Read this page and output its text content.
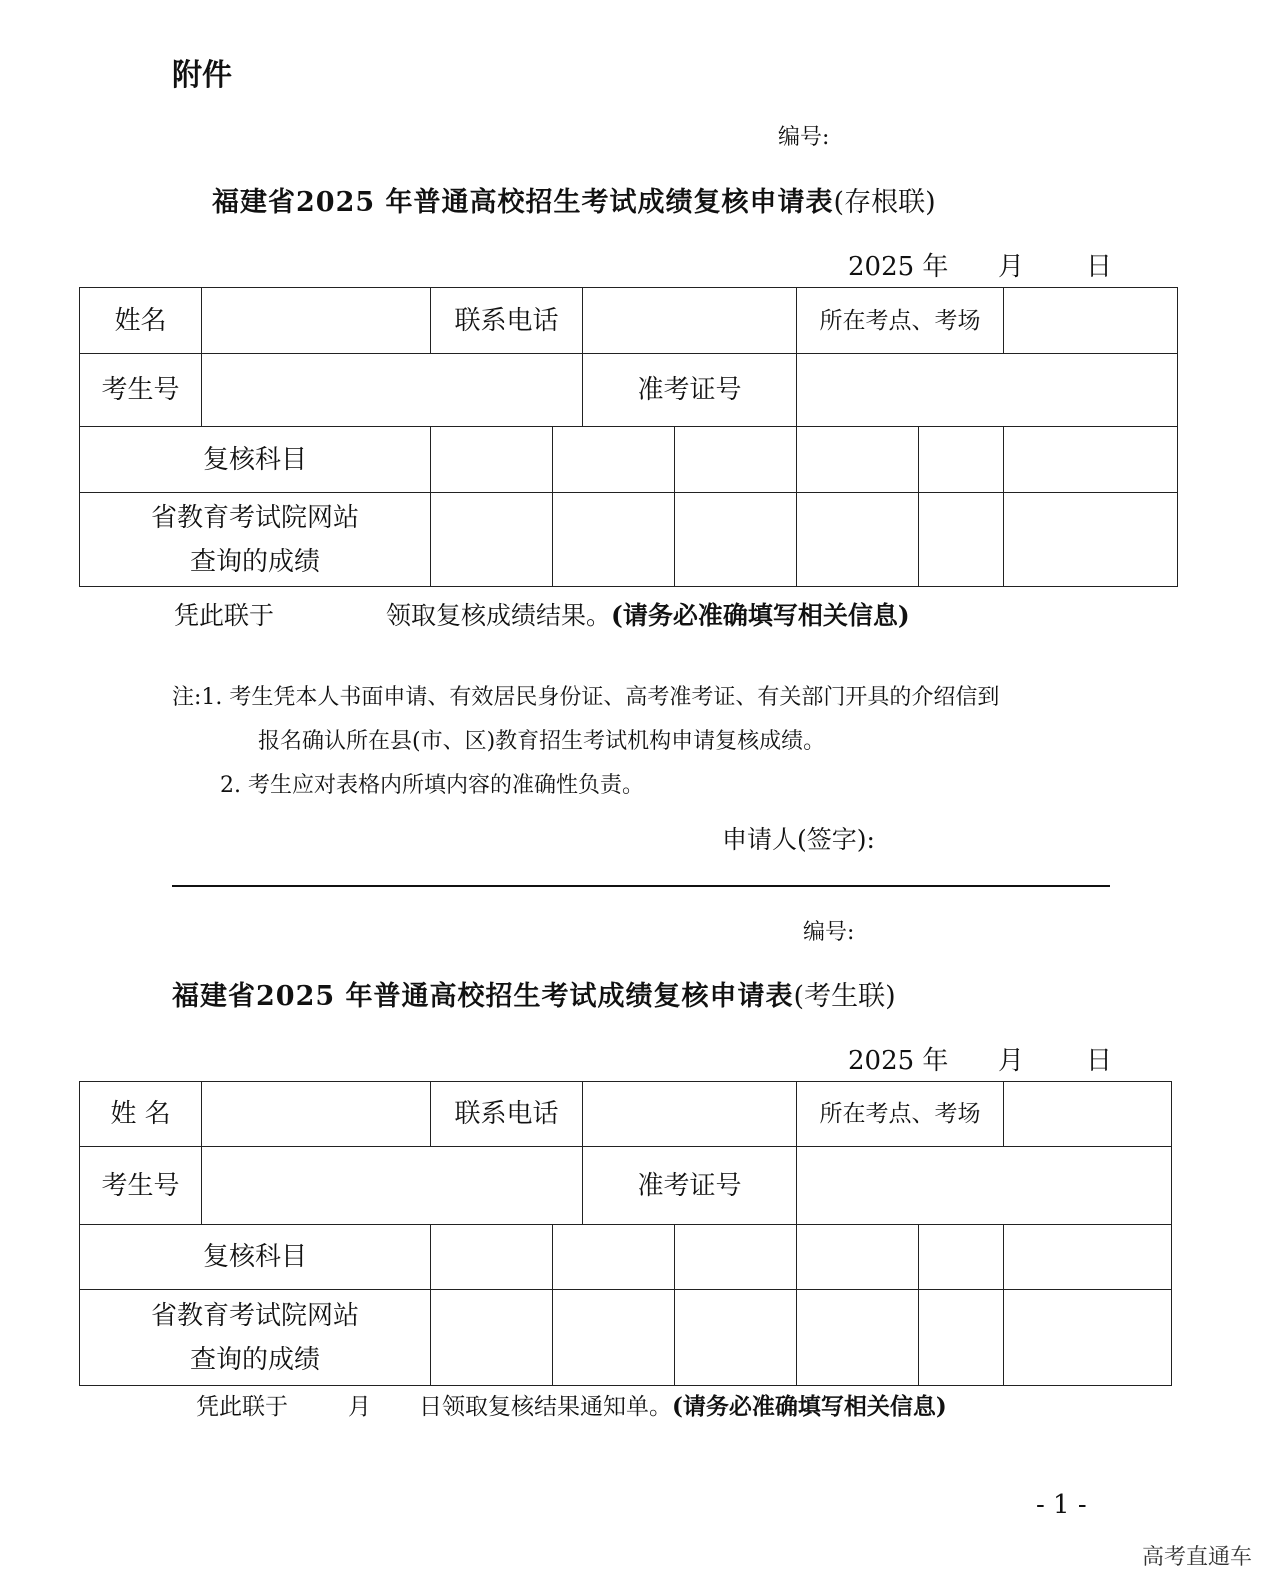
附件
编号:
福建省2025 年普通高校招生考试成绩复核申请表(存根联)
2025 年 月 日
姓名		联系电话				所在考点、考场		
考生号				准考证号				
复核科目								

省教育考试院网站
查询的成绩								

凭此联于	领取复核成绩结果。(请务必准确填写相关信息)
注:1. 考生凭本人书面申请、有效居民身份证、高考准考证、有关部门开具的介绍信到
报名确认所在县(市、区)教育招生考试机构申请复核成绩。
2. 考生应对表格内所填内容的准确性负责。
申请人(签字):
编号:
福建省2025 年普通高校招生考试成绩复核申请表(考生联)
2025 年 月 日
姓 名		联系电话				所在考点、考场		
考生号				准考证号				
复核科目								

省教育考试院网站
查询的成绩								

凭此联于	月 日领取复核结果通知单。(请务必准确填写相关信息)
- 1 -
高考直通车
